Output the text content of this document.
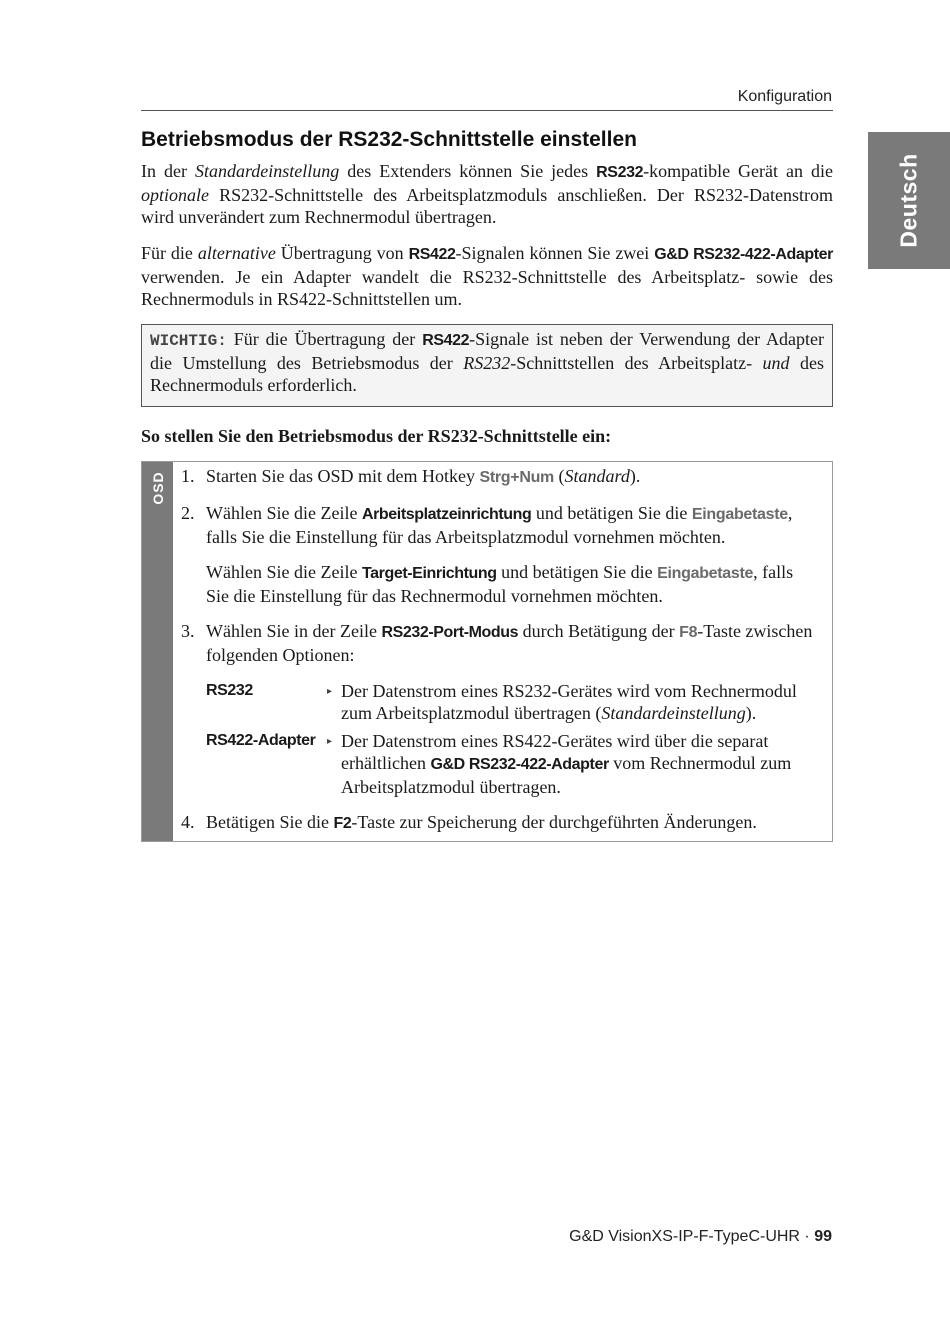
Konfiguration
Deutsch
Betriebsmodus der RS232-Schnittstelle einstellen

In der Standardeinstellung des Extenders können Sie jedes RS232-kompatible Gerät an die optionale RS232-Schnittstelle des Arbeitsplatzmoduls anschließen. Der RS232-Datenstrom wird unverändert zum Rechnermodul übertragen.

Für die alternative Übertragung von RS422-Signalen können Sie zwei G&D RS232-422-Adapter verwenden. Je ein Adapter wandelt die RS232-Schnittstelle des Arbeitsplatz- sowie des Rechnermoduls in RS422-Schnittstellen um.

WICHTIG: Für die Übertragung der RS422-Signale ist neben der Verwendung der Adapter die Umstellung des Betriebsmodus der RS232-Schnittstellen des Arbeitsplatz- und des Rechnermoduls erforderlich.
So stellen Sie den Betriebsmodus der RS232-Schnittstelle ein:
OSD 1. Starten Sie das OSD mit dem Hotkey Strg+Num (Standard).
2. Wählen Sie die Zeile Arbeitsplatzeinrichtung und betätigen Sie die Eingabetaste, falls Sie die Einstellung für das Arbeitsplatzmodul vornehmen möchten.
Wählen Sie die Zeile Target-Einrichtung und betätigen Sie die Eingabetaste, falls Sie die Einstellung für das Rechnermodul vornehmen möchten.
3. Wählen Sie in der Zeile RS232-Port-Modus durch Betätigung der F8-Taste zwischen folgenden Optionen:
RS232	▸ Der Datenstrom eines RS232-Gerätes wird vom Rechnermodul zum Arbeitsplatzmodul übertragen (Standardeinstellung).
RS422-Adapter	▸ Der Datenstrom eines RS422-Gerätes wird über die separat erhältlichen G&D RS232-422-Adapter vom Rechnermodul zum Arbeitsplatzmodul übertragen.
4. Betätigen Sie die F2-Taste zur Speicherung der durchgeführten Änderungen.
G&D VisionXS-IP-F-TypeC-UHR · 99
